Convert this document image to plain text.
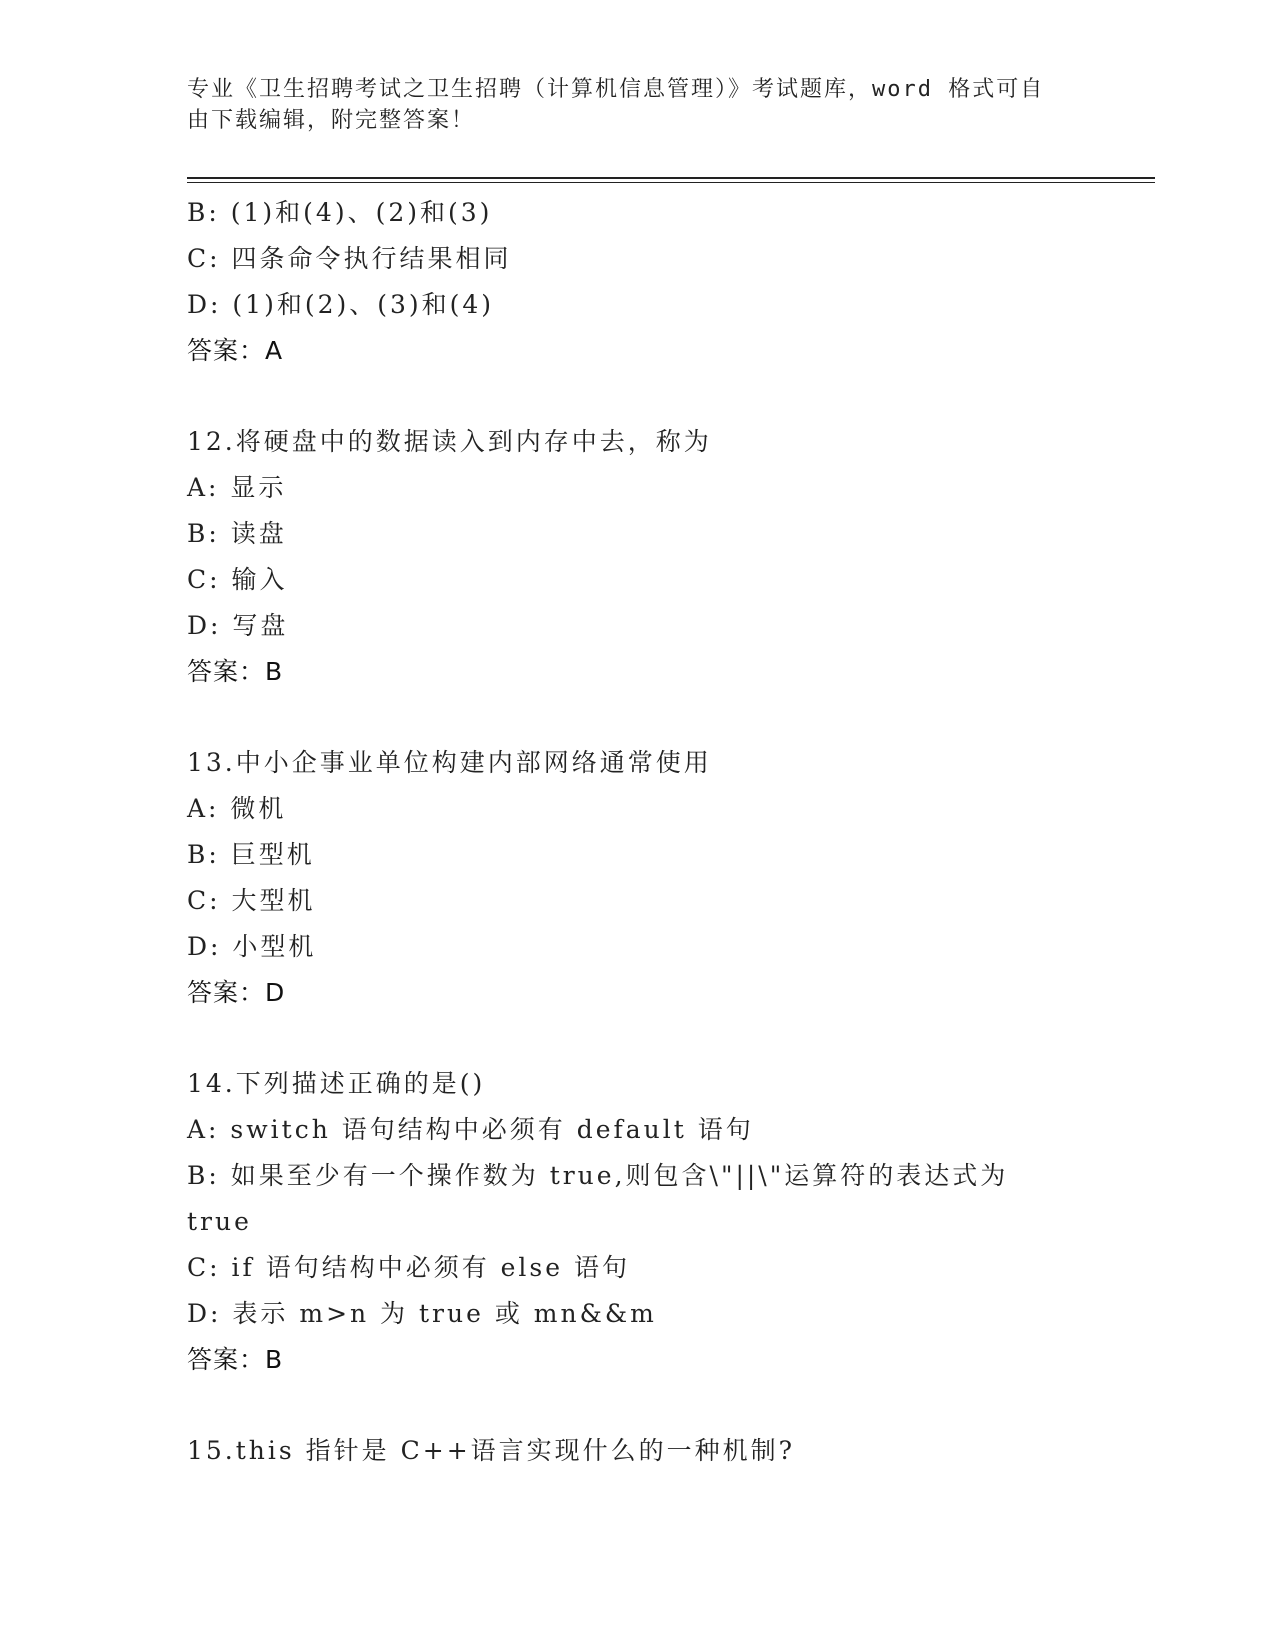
专业《卫生招聘考试之卫生招聘（计算机信息管理）》考试题库，word 格式可自
由下载编辑，附完整答案！
B: (1)和(4)、(2)和(3)
C: 四条命令执行结果相同
D: (1)和(2)、(3)和(4)
答案：A
12.将硬盘中的数据读入到内存中去，称为
A: 显示
B: 读盘
C: 输入
D: 写盘
答案：B
13.中小企事业单位构建内部网络通常使用
A: 微机
B: 巨型机
C: 大型机
D: 小型机
答案：D
14.下列描述正确的是()
A: switch 语句结构中必须有 default 语句
B: 如果至少有一个操作数为 true,则包含\"||\"运算符的表达式为
true
C: if 语句结构中必须有 else 语句
D: 表示 m>n 为 true 或 mn&&m
答案：B
15.this 指针是 C++语言实现什么的一种机制?
